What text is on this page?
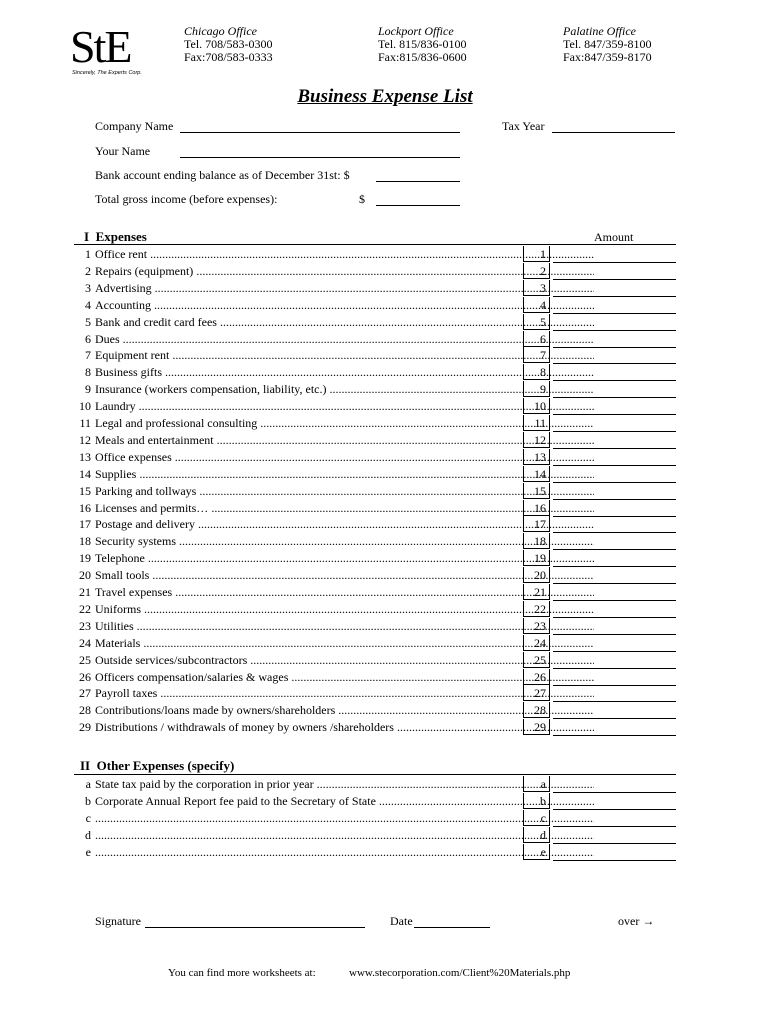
StE
Sincerely, The Experts Corp.
Chicago Office
Tel. 708/583-0300
Fax:708/583-0333
Lockport Office
Tel. 815/836-0100
Fax:815/836-0600
Palatine Office
Tel. 847/359-8100
Fax:847/359-8170
Business Expense List
Company Name	Tax Year
Your Name
Bank account ending balance as of December 31st: $
Total gross income (before expenses):	$
I Expenses	Amount
1 Office rent .....	1
2 Repairs (equipment) .....	2
3 Advertising .....	3
4 Accounting .....	4
5 Bank and credit card fees .....	5
6 Dues .....	6
7 Equipment rent .....	7
8 Business gifts .....	8
9 Insurance (workers compensation, liability, etc.) .....	9
10 Laundry .....	10
11 Legal and professional consulting .....	11
12 Meals and entertainment .....	12
13 Office expenses .....	13
14 Supplies .....	14
15 Parking and tollways .....	15
16 Licenses and permits… .....	16
17 Postage and delivery .....	17
18 Security systems .....	18
19 Telephone .....	19
20 Small tools .....	20
21 Travel expenses .....	21
22 Uniforms .....	22
23 Utilities .....	23
24 Materials .....	24
25 Outside services/subcontractors .....	25
26 Officers compensation/salaries & wages .....	26
27 Payroll taxes .....	27
28 Contributions/loans made by owners/shareholders .....	28
29 Distributions / withdrawals of money by owners /shareholders .....	29
II Other Expenses (specify)
a State tax paid by the corporation in prior year .....	a
b Corporate Annual Report fee paid to the Secretary of State .....	b
c .....	c
d .....	d
e .....	e
Signature	Date	over →
You can find more worksheets at:	www.stecorporation.com/Client%20Materials.php
